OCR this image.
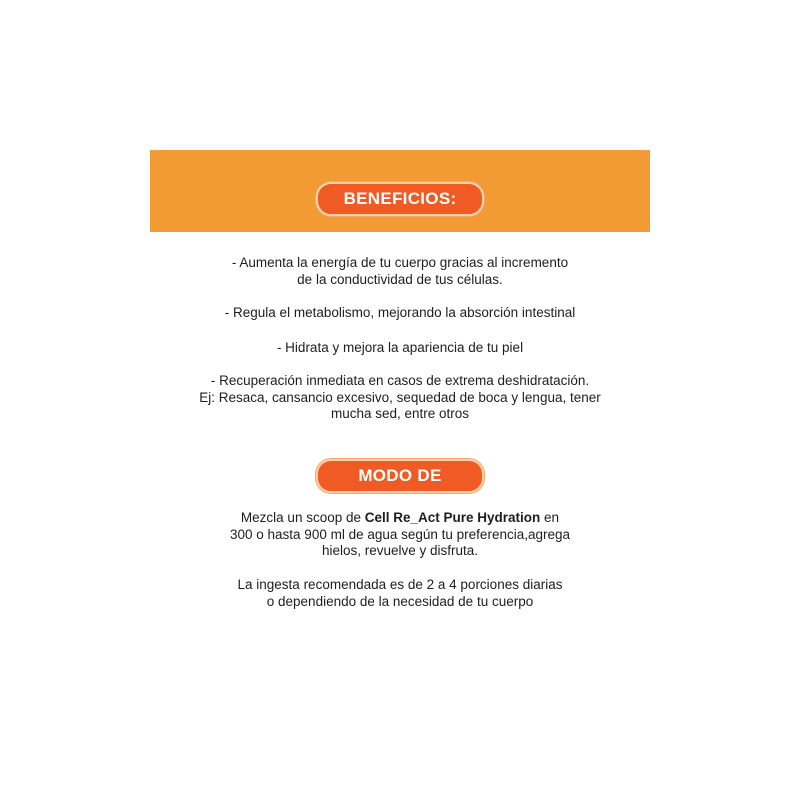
BENEFICIOS:

- Aumenta la energía de tu cuerpo gracias al incremento

de la conductividad de tus células.

- Regula el metabolismo, mejorando la absorción intestinal

- Hidrata y mejora la apariencia de tu piel

- Recuperación inmediata en casos de extrema deshidratación.

Ej: Resaca, cansancio excesivo, sequedad de boca y lengua, tener

mucha sed, entre otros

MODO DE EMPLEO:

Mezcla un scoop de Cell Re_Act Pure Hydration en

300 o hasta 900 ml de agua según tu preferencia,agrega

hielos, revuelve y disfruta.

La ingesta recomendada es de 2 a 4 porciones diarias

o dependiendo de la necesidad de tu cuerpo
